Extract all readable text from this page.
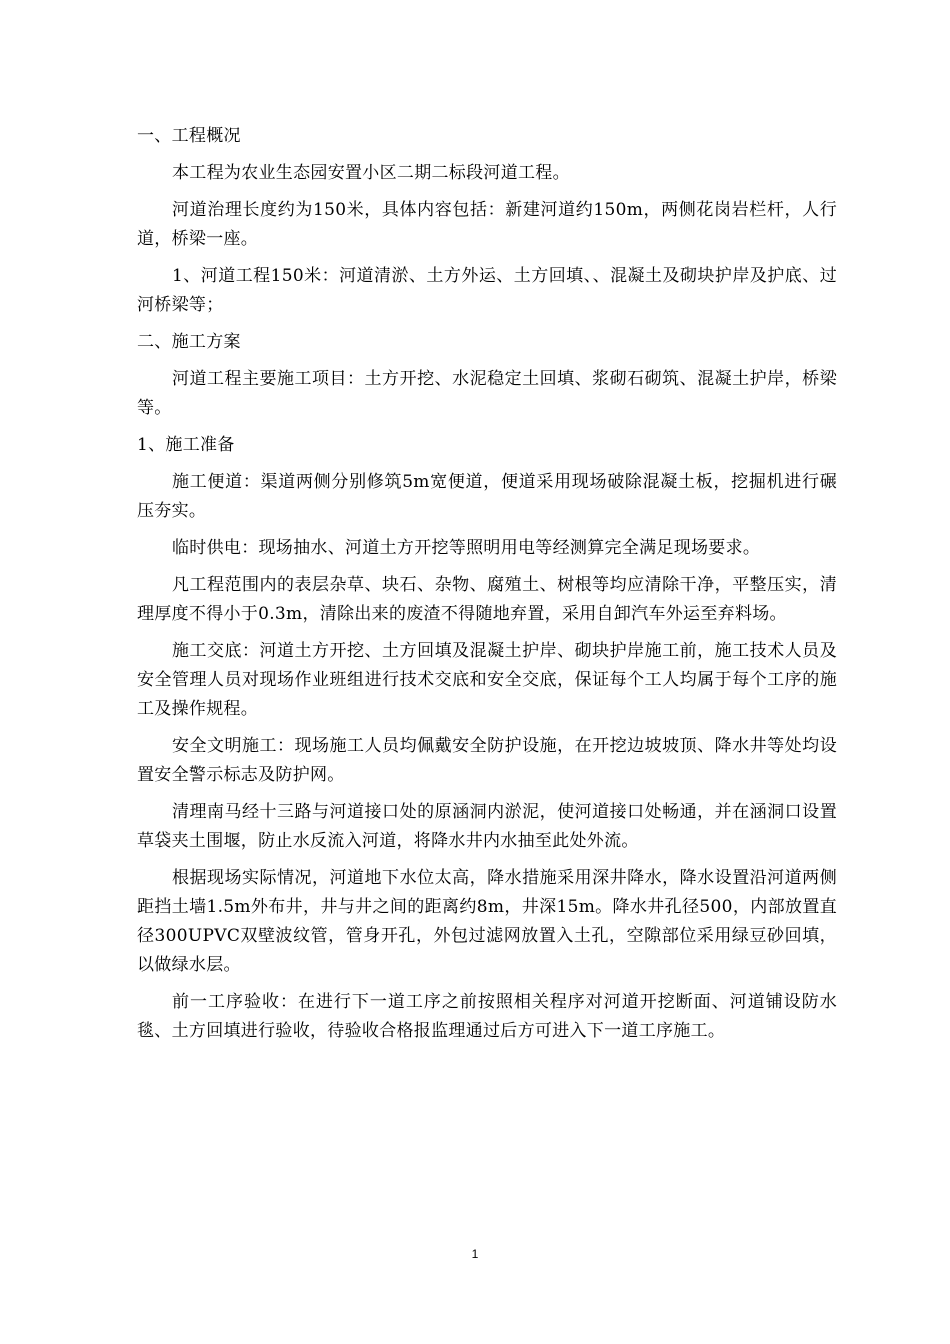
一、工程概况

本工程为农业生态园安置小区二期二标段河道工程。

河道治理长度约为150米，具体内容包括：新建河道约150m，两侧花岗岩栏杆，人行道，桥梁一座。

1、河道工程150米：河道清淤、土方外运、土方回填、、混凝土及砌块护岸及护底、过河桥梁等；

二、施工方案

河道工程主要施工项目：土方开挖、水泥稳定土回填、浆砌石砌筑、混凝土护岸，桥梁等。

1、施工准备

施工便道：渠道两侧分别修筑5m宽便道，便道采用现场破除混凝土板，挖掘机进行碾压夯实。

临时供电：现场抽水、河道土方开挖等照明用电等经测算完全满足现场要求。

凡工程范围内的表层杂草、块石、杂物、腐殖土、树根等均应清除干净，平整压实，清理厚度不得小于0.3m，清除出来的废渣不得随地弃置，采用自卸汽车外运至弃料场。

施工交底：河道土方开挖、土方回填及混凝土护岸、砌块护岸施工前，施工技术人员及安全管理人员对现场作业班组进行技术交底和安全交底，保证每个工人均属于每个工序的施工及操作规程。

安全文明施工：现场施工人员均佩戴安全防护设施，在开挖边坡坡顶、降水井等处均设置安全警示标志及防护网。

清理南马经十三路与河道接口处的原涵洞内淤泥，使河道接口处畅通，并在涵洞口设置草袋夹土围堰，防止水反流入河道，将降水井内水抽至此处外流。

根据现场实际情况，河道地下水位太高，降水措施采用深井降水，降水设置沿河道两侧距挡土墙1.5m外布井，井与井之间的距离约8m，井深15m。降水井孔径500，内部放置直径300UPVC双壁波纹管，管身开孔，外包过滤网放置入土孔，空隙部位采用绿豆砂回填，以做绿水层。

前一工序验收：在进行下一道工序之前按照相关程序对河道开挖断面、河道铺设防水毯、土方回填进行验收，待验收合格报监理通过后方可进入下一道工序施工。

1
